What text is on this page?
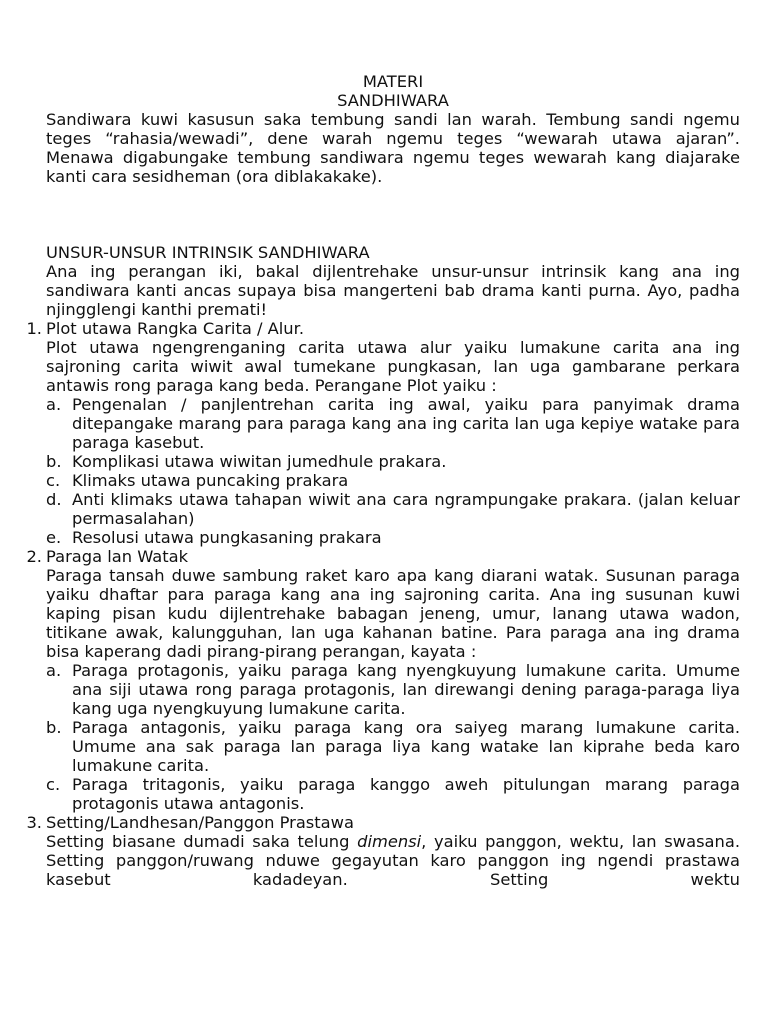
MATERI
SANDHIWARA

Sandiwara kuwi kasusun saka tembung sandi lan warah. Tembung sandi ngemu teges “rahasia/wewadi”, dene warah ngemu teges “wewarah utawa ajaran”. Menawa digabungake tembung sandiwara ngemu teges wewarah kang diajarake kanti cara sesidheman (ora diblakakake).

UNSUR-UNSUR INTRINSIK SANDHIWARA

Ana ing perangan iki, bakal dijlentrehake unsur-unsur intrinsik kang ana ing sandiwara kanti ancas supaya bisa mangerteni bab drama kanti purna. Ayo, padha njingglengi kanthi premati!

1. Plot utawa Rangka Carita / Alur.

Plot utawa ngengrenganing carita utawa alur yaiku lumakune carita ana ing sajroning carita wiwit awal tumekane pungkasan, lan uga gambarane perkara antawis rong paraga kang beda. Perangane Plot yaiku :

a. Pengenalan / panjlentrehan carita ing awal, yaiku para panyimak drama ditepangake marang para paraga kang ana ing carita lan uga kepiye watake para paraga kasebut.

b. Komplikasi utawa wiwitan jumedhule prakara.

c. Klimaks utawa puncaking prakara

d. Anti klimaks utawa tahapan wiwit ana cara ngrampungake prakara. (jalan keluar permasalahan)

e. Resolusi utawa pungkasaning prakara

2. Paraga lan Watak

Paraga tansah duwe sambung raket karo apa kang diarani watak. Susunan paraga yaiku dhaftar para paraga kang ana ing sajroning carita. Ana ing susunan kuwi kaping pisan kudu dijlentrehake babagan jeneng, umur, lanang utawa wadon, titikane awak, kalungguhan, lan uga kahanan batine. Para paraga ana ing drama bisa kaperang dadi pirang-pirang perangan, kayata :

a. Paraga protagonis, yaiku paraga kang nyengkuyung lumakune carita. Umume ana siji utawa rong paraga protagonis, lan direwangi dening paraga-paraga liya kang uga nyengkuyung lumakune carita.

b. Paraga antagonis, yaiku paraga kang ora saiyeg marang lumakune carita. Umume ana sak paraga lan paraga liya kang watake lan kiprahe beda karo lumakune carita.

c. Paraga tritagonis, yaiku paraga kanggo aweh pitulungan marang paraga protagonis utawa antagonis.

3. Setting/Landhesan/Panggon Prastawa

Setting biasane dumadi saka telung dimensi, yaiku panggon, wektu, lan swasana. Setting panggon/ruwang nduwe gegayutan karo panggon ing ngendi prastawa kasebut kadadeyan. Setting wektu
